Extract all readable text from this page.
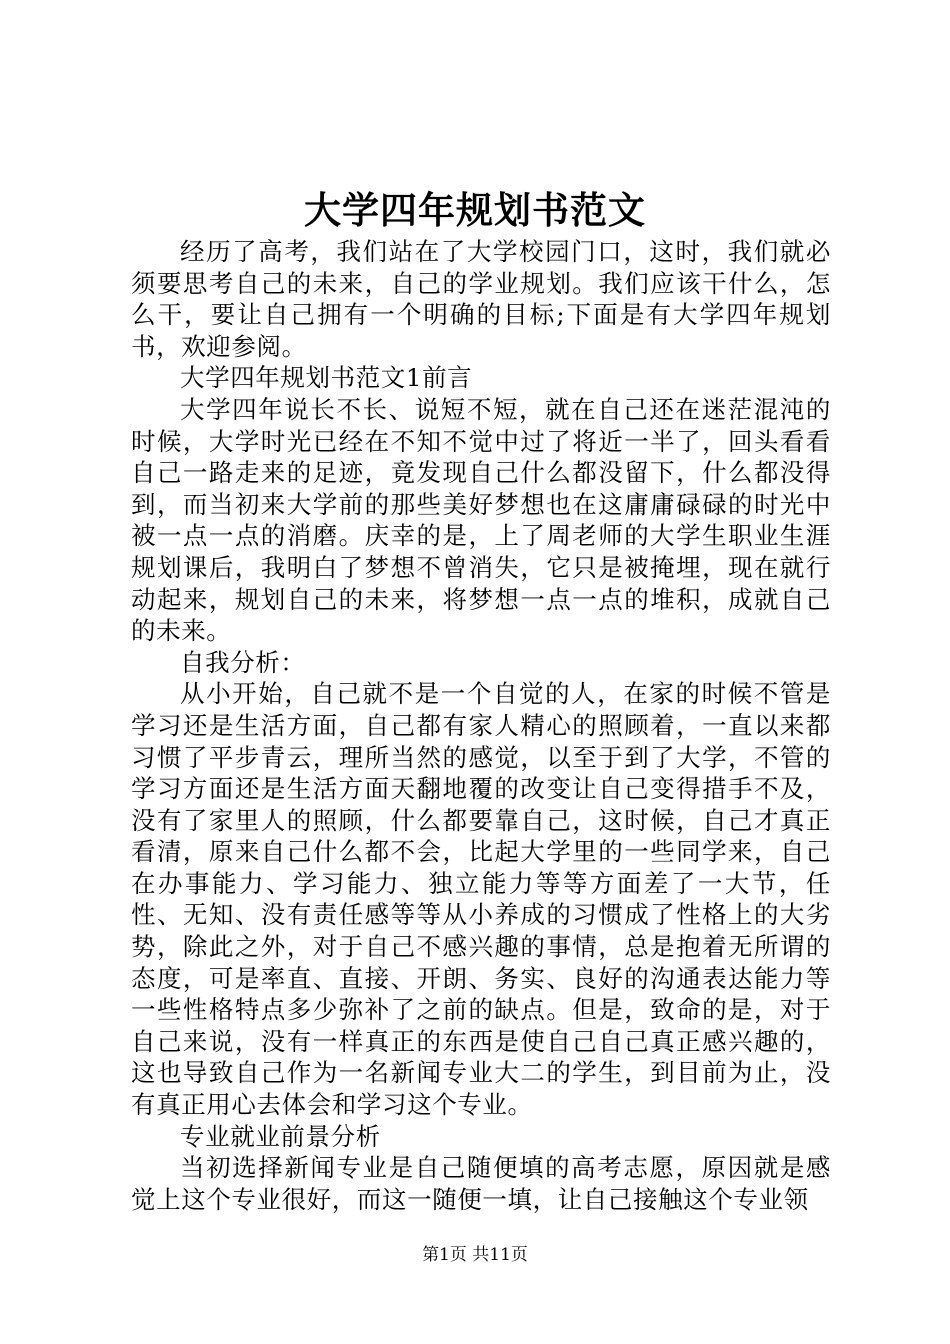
大学四年规划书范文

经历了高考，我们站在了大学校园门口，这时，我们就必须要思考自己的未来，自己的学业规划。我们应该干什么，怎么干，要让自己拥有一个明确的目标;下面是有大学四年规划书，欢迎参阅。

大学四年规划书范文1前言

大学四年说长不长、说短不短，就在自己还在迷茫混沌的时候，大学时光已经在不知不觉中过了将近一半了，回头看看自己一路走来的足迹，竟发现自己什么都没留下，什么都没得到，而当初来大学前的那些美好梦想也在这庸庸碌碌的时光中被一点一点的消磨。庆幸的是，上了周老师的大学生职业生涯规划课后，我明白了梦想不曾消失，它只是被掩埋，现在就行动起来，规划自己的未来，将梦想一点一点的堆积，成就自己的未来。

自我分析：

从小开始，自己就不是一个自觉的人，在家的时候不管是学习还是生活方面，自己都有家人精心的照顾着，一直以来都习惯了平步青云，理所当然的感觉，以至于到了大学，不管的学习方面还是生活方面天翻地覆的改变让自己变得措手不及，没有了家里人的照顾，什么都要靠自己，这时候，自己才真正看清，原来自己什么都不会，比起大学里的一些同学来，自己在办事能力、学习能力、独立能力等等方面差了一大节，任性、无知、没有责任感等等从小养成的习惯成了性格上的大劣势，除此之外，对于自己不感兴趣的事情，总是抱着无所谓的态度，可是率直、直接、开朗、务实、良好的沟通表达能力等一些性格特点多少弥补了之前的缺点。但是，致命的是，对于自己来说，没有一样真正的东西是使自己自己真正感兴趣的，这也导致自己作为一名新闻专业大二的学生，到目前为止，没有真正用心去体会和学习这个专业。

专业就业前景分析

当初选择新闻专业是自己随便填的高考志愿，原因就是感觉上这个专业很好，而这一随便一填，让自己接触这个专业领

第1页 共11页
